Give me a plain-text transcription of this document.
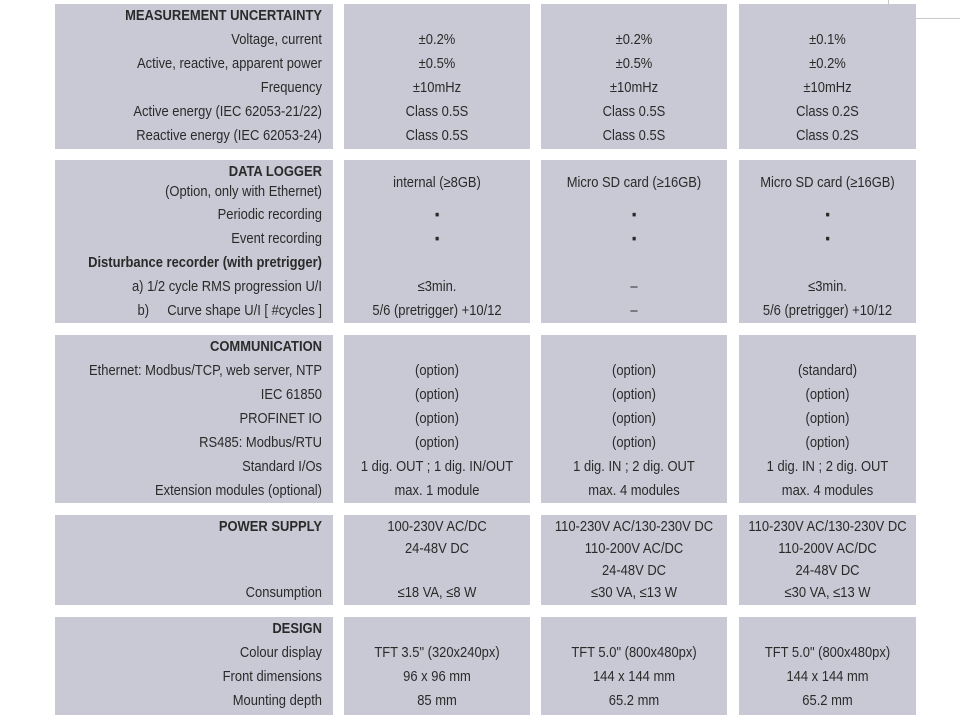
MEASUREMENT UNCERTAINTY
Voltage, current
Active, reactive, apparent power
Frequency
Active energy (IEC 62053-21/22)
Reactive energy (IEC 62053-24)
±0.2%
±0.5%
±10mHz
Class 0.5S
Class 0.5S
±0.2%
±0.5%
±10mHz
Class 0.5S
Class 0.5S
±0.1%
±0.2%
±10mHz
Class 0.2S
Class 0.2S
DATA LOGGER
(Option, only with Ethernet)
Periodic recording
Event recording
Disturbance recorder (with pretrigger)
a) 1/2 cycle RMS progression U/I
b) Curve shape U/I [ #cycles ]
internal (≥8GB)
▪
▪
≤3min.
5/6 (pretrigger) +10/12
Micro SD card (≥16GB)
▪
▪
–
–
Micro SD card (≥16GB)
▪
▪
≤3min.
5/6 (pretrigger) +10/12
COMMUNICATION
Ethernet: Modbus/TCP, web server, NTP
IEC 61850
PROFINET IO
RS485: Modbus/RTU
Standard I/Os
Extension modules (optional)
(option)
(option)
(option)
(option)
1 dig. OUT ; 1 dig. IN/OUT
max. 1 module
(option)
(option)
(option)
(option)
1 dig. IN ; 2 dig. OUT
max. 4 modules
(standard)
(option)
(option)
(option)
1 dig. IN ; 2 dig. OUT
max. 4 modules
POWER SUPPLY
Consumption
100-230V AC/DC
24-48V DC
≤18 VA, ≤8 W
110-230V AC/130-230V DC
110-200V AC/DC
24-48V DC
≤30 VA, ≤13 W
110-230V AC/130-230V DC
110-200V AC/DC
24-48V DC
≤30 VA, ≤13 W
DESIGN
Colour display
Front dimensions
Mounting depth
TFT 3.5" (320x240px)
96 x 96 mm
85 mm
TFT 5.0" (800x480px)
144 x 144 mm
65.2 mm
TFT 5.0" (800x480px)
144 x 144 mm
65.2 mm
